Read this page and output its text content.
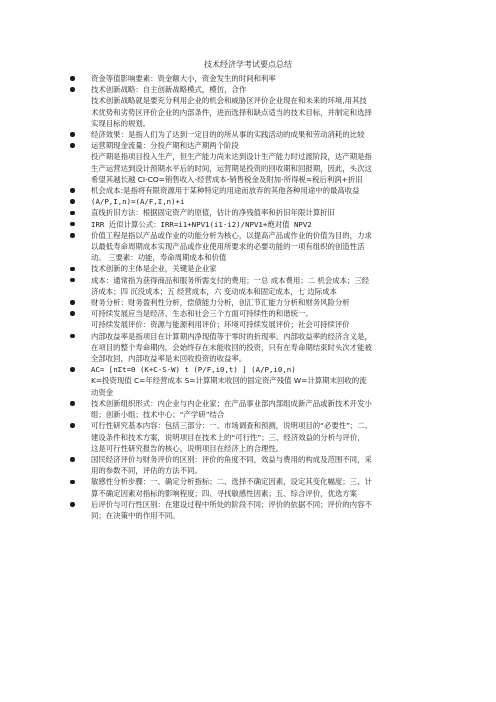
技术经济学考试要点总结
资金等值影响要素：资金额大小，资金发生的时间和利率
技术创新战略：自主创新战略模式，模仿，合作
技术创新战略就是要充分利用企业的机会和威胁区评价企业现在和未来的环境,用其技
术优势和劣势区评价企业的内部条件，进而选择和缺点适当的技术目标，并制定和选择
实现目标的规划。
经济效果：是指人们为了达到一定目的的所从事的实践活动的成果和劳动消耗的比较
运营期现金流量：分投产期和达产期两个阶段
投产期是指项目投入生产，但生产能力尚未达到设计生产能力时过渡阶段，达产期是指
生产运营达到设计预期水平后的时间，运营期是投资的回收期和回报期，因此，头次这
希望其越长越 CI-CO=销售收入-经营成本-销售税金及附加-所得税=税后利润+折旧
机会成本:是指将有限资源用于某种特定的用途而放弃的其他各种用途中的最高收益
(A/P,I,n)=(A/F,I,n)+i
直线折旧方法：根据固定资产的原值，估计的净残值率和折旧年限计算折旧
IRR 近似计算公式：IRR=i1+NPV1(i1-i2)/NPV1+绝对值 NPV2
价值工程是指以产品或作业的功能分析为核心，以提高产品或作业的价值为目的，力求
以最低寿命周期成本实现产品或作业使用所要求的必要功能的一项有组织的创造性活
动。 三要素：功能，寿命周期成本和价值
技术创新的主体是企业，关键是企业家
成本：通常指为获得商品和服务所需支付的费用；一总 成本费用；二 机会成本；三经
济成本；四 沉没成本；五 经营成本，六 变动成本和固定成本，七 边际成本
财务分析：财务盈利性分析，偿债能力分析，创汇节汇能力分析和财务风险分析
可持续发展应当是经济、生态和社会三个方面可持续性的和谐统一。
可持续发展评价：资源与能源利用评价；环境可持续发展评价；社会可持续评价
内部收益率是指项目在计算期内净现值等于零时的折现率。内部收益率的经济含义是，
在项目的整个寿命期内，会始终存在未能收回的投资，只有在寿命期结束时头次才能被
全部收回，内部收益率是未回收投资的收益率。
AC= [nΣt=0 (K+C-S-W) t (P/F,i0,t) ] (A/P,i0,n)
K=投资现值 C=年经营成本 S=计算期末收回的固定资产残值 W=计算期末回收的流
动资金
技术创新组织形式：内企业与内企业家；在产品事业部内部组成新产品或新技术开发小
组；创新小组；技术中心；“产学研”结合
可行性研究基本内容：包括三部分：一、市场调查和预测，说明项目的“必要性”；二、
建设条件和技术方案，说明项目在技术上的“可行性”；三、经济效益的分析与评价，
这是可行性研究报告的核心，说明项目在经济上的合理性。
国民经济评价与财务评价的区别：评价的角度不同，效益与费用的构成及范围不同，采
用的参数不同，评估的方法不同。
敏感性分析步骤：一、确定分析指标；二、选择不确定因素，设定其变化幅度；三、计
算不确定因素对指标的影响程度；四、寻找敏感性因素；五、综合评价，优选方案
后评价与可行性区别：在建设过程中所处的阶段不同；评价的依据不同；评价的内容不
同；在决策中的作用不同。
